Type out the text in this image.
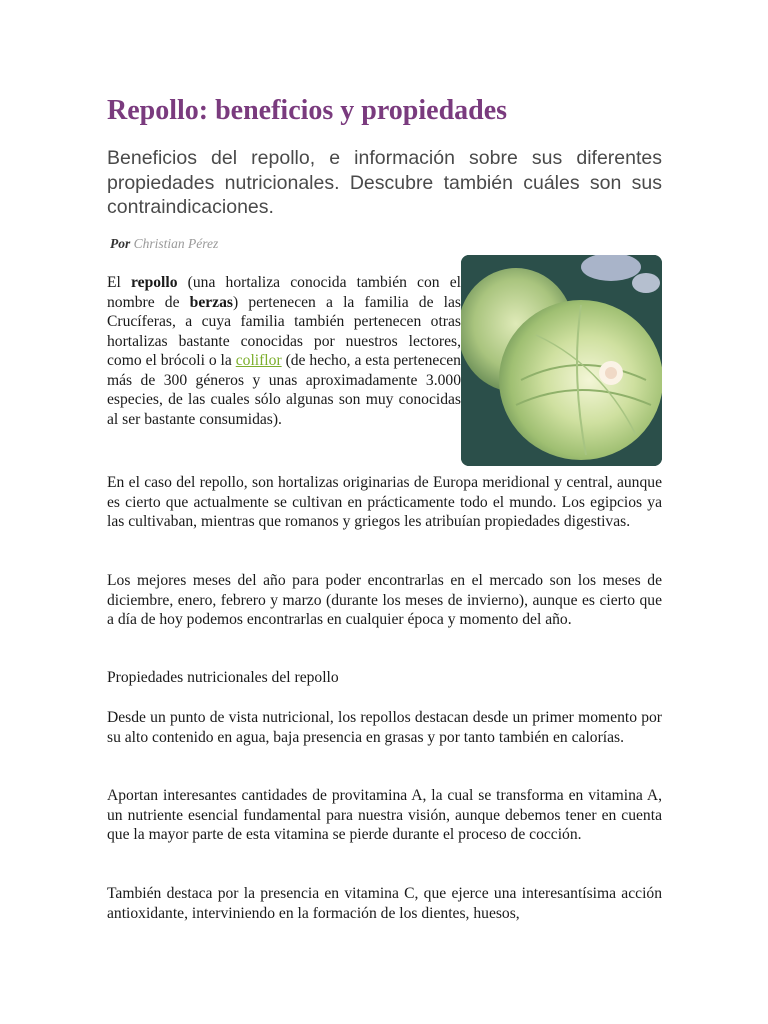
Repollo: beneficios y propiedades

Beneficios del repollo, e información sobre sus diferentes propiedades nutricionales. Descubre también cuáles son sus contraindicaciones.

Por Christian Pérez

El repollo (una hortaliza conocida también con el nombre de berzas) pertenecen a la familia de las Crucíferas, a cuya familia también pertenecen otras hortalizas bastante conocidas por nuestros lectores, como el brócoli o la coliflor (de hecho, a esta pertenecen más de 300 géneros y unas aproximadamente 3.000 especies, de las cuales sólo algunas son muy conocidas al ser bastante consumidas).

En el caso del repollo, son hortalizas originarias de Europa meridional y central, aunque es cierto que actualmente se cultivan en prácticamente todo el mundo. Los egipcios ya las cultivaban, mientras que romanos y griegos les atribuían propiedades digestivas.

Los mejores meses del año para poder encontrarlas en el mercado son los meses de diciembre, enero, febrero y marzo (durante los meses de invierno), aunque es cierto que a día de hoy podemos encontrarlas en cualquier época y momento del año.

Propiedades nutricionales del repollo

Desde un punto de vista nutricional, los repollos destacan desde un primer momento por su alto contenido en agua, baja presencia en grasas y por tanto también en calorías.

Aportan interesantes cantidades de provitamina A, la cual se transforma en vitamina A, un nutriente esencial fundamental para nuestra visión, aunque debemos tener en cuenta que la mayor parte de esta vitamina se pierde durante el proceso de cocción.

También destaca por la presencia en vitamina C, que ejerce una interesantísima acción antioxidante, interviniendo en la formación de los dientes, huesos,
